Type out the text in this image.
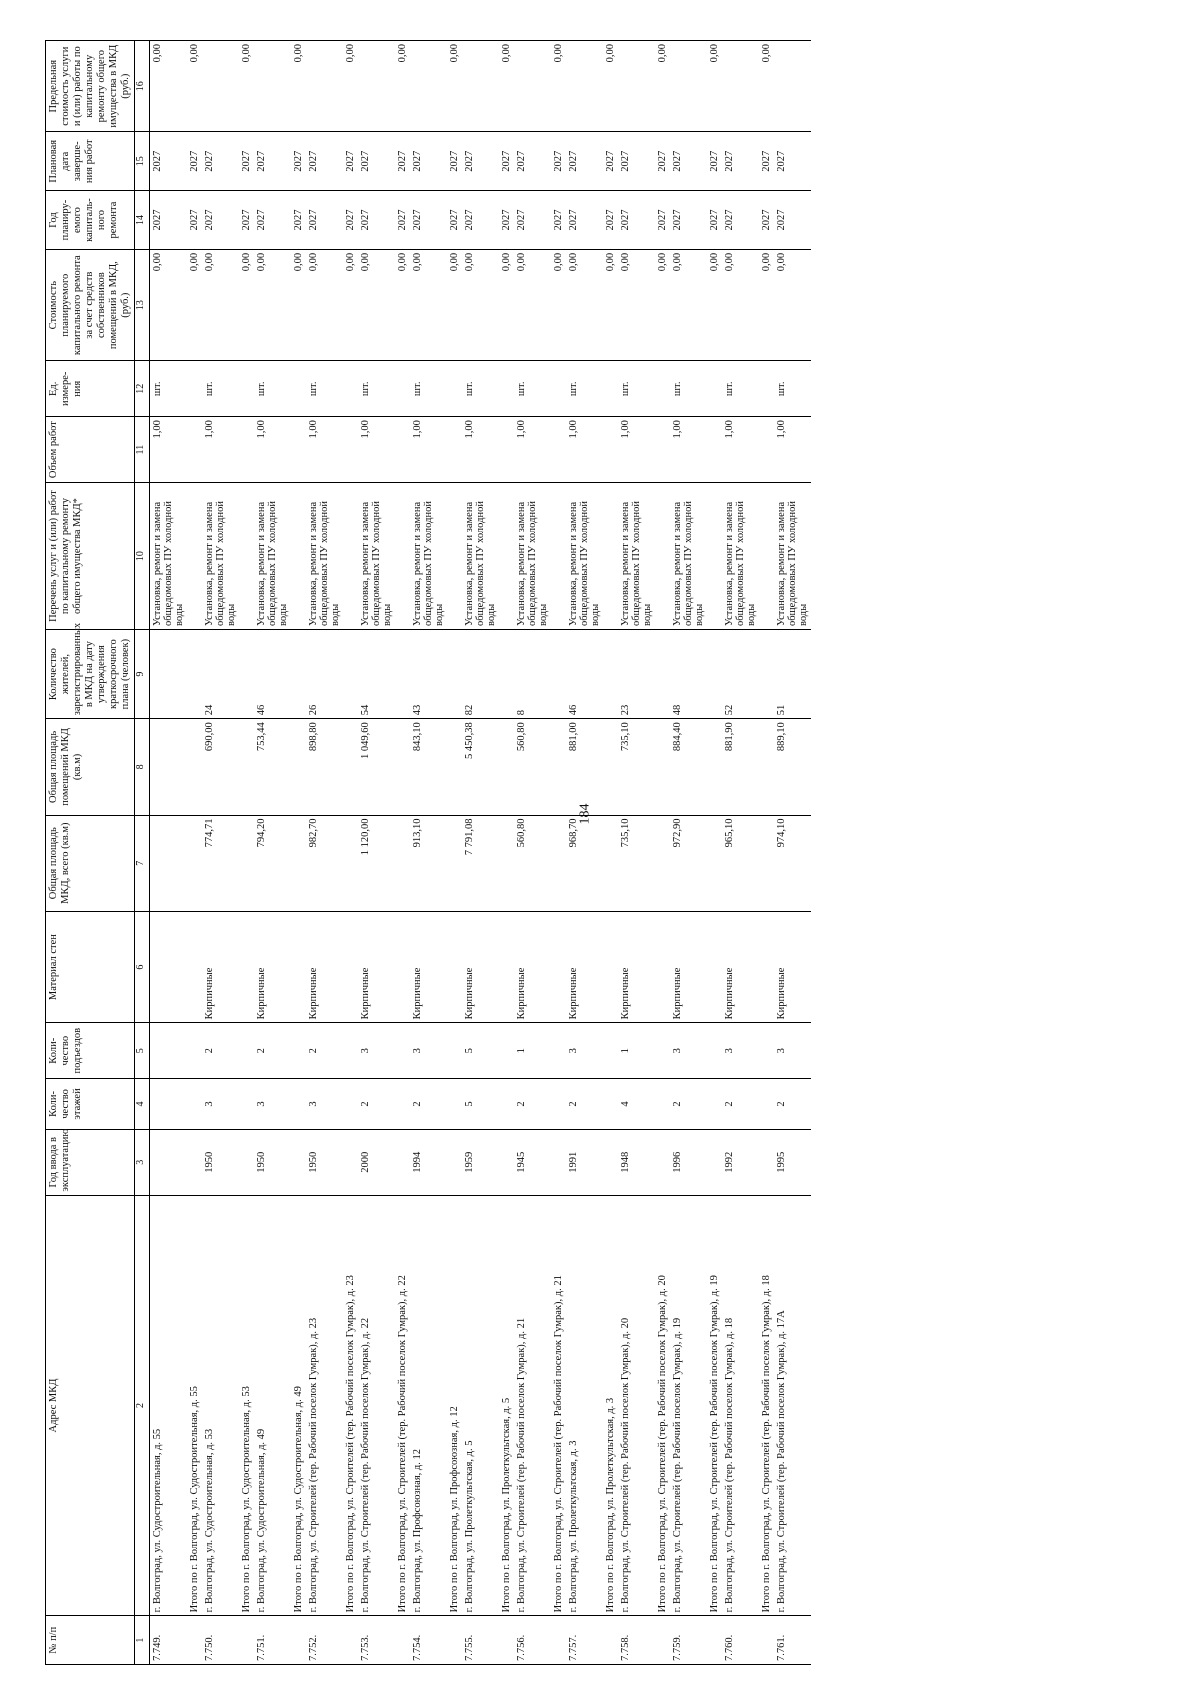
184
№ п/п	Адрес МКД	Год ввода в эксплуатацию	Коли-чество этажей	Коли-чество подъездов	Материал стен	Общая площадь МКД, всего (кв.м)	Общая площадь помещений МКД (кв.м)	Количество жителей, зарегистрированных в МКД на дату утверждения краткосрочного плана (человек)	Перечень услуг и (или) работ по капитальному ремонту общего имущества МКД*	Объем работ	Ед. измере-ния	Стоимость планируемого капитального ремонта за счет средств собственников помещений в МКД, (руб.)	Год планиру-емого капиталь-ного ремонта	Плановая дата заверше-ния работ	Предельная стоимость услуги и (или) работы по капитальному ремонту общего имущества в МКД (руб.)
1	2	3	4	5	6	7	8	9	10	11	12	13	14	15	16
7.749.	г. Волгоград, ул. Судостроительная, д. 55								Установка, ремонт и замена общедомовых ПУ холодной воды	1,00	шт.	0,00	2027	2027	0,00
	Итого по г. Волгоград, ул. Судостроительная, д. 55											0,00	2027	2027	0,00
7.750.	г. Волгоград, ул. Судостроительная, д. 53	1950	3	2	Кирпичные	774,71	690,00	24	Установка, ремонт и замена общедомовых ПУ холодной воды	1,00	шт.	0,00	2027	2027	
	Итого по г. Волгоград, ул. Судостроительная, д. 53											0,00	2027	2027	0,00
7.751.	г. Волгоград, ул. Судостроительная, д. 49	1950	3	2	Кирпичные	794,20	753,44	46	Установка, ремонт и замена общедомовых ПУ холодной воды	1,00	шт.	0,00	2027	2027	
	Итого по г. Волгоград, ул. Судостроительная, д. 49											0,00	2027	2027	0,00
7.752.	г. Волгоград, ул. Строителей (тер. Рабочий поселок Гумрак), д. 23	1950	3	2	Кирпичные	982,70	898,80	26	Установка, ремонт и замена общедомовых ПУ холодной воды	1,00	шт.	0,00	2027	2027	
	Итого по г. Волгоград, ул. Строителей (тер. Рабочий поселок Гумрак), д. 23											0,00	2027	2027	0,00
7.753.	г. Волгоград, ул. Строителей (тер. Рабочий поселок Гумрак), д. 22	2000	2	3	Кирпичные	1 120,00	1 049,60	54	Установка, ремонт и замена общедомовых ПУ холодной воды	1,00	шт.	0,00	2027	2027	
	Итого по г. Волгоград, ул. Строителей (тер. Рабочий поселок Гумрак), д. 22											0,00	2027	2027	0,00
7.754.	г. Волгоград, ул. Профсоюзная, д. 12	1994	2	3	Кирпичные	913,10	843,10	43	Установка, ремонт и замена общедомовых ПУ холодной воды	1,00	шт.	0,00	2027	2027	
	Итого по г. Волгоград, ул. Профсоюзная, д. 12											0,00	2027	2027	0,00
7.755.	г. Волгоград, ул. Пролеткультская, д. 5	1959	5	5	Кирпичные	7 791,08	5 450,38	82	Установка, ремонт и замена общедомовых ПУ холодной воды	1,00	шт.	0,00	2027	2027	
	Итого по г. Волгоград, ул. Пролеткультская, д. 5											0,00	2027	2027	0,00
7.756.	г. Волгоград, ул. Строителей (тер. Рабочий поселок Гумрак), д. 21	1945	2	1	Кирпичные	560,80	560,80	8	Установка, ремонт и замена общедомовых ПУ холодной воды	1,00	шт.	0,00	2027	2027	
	Итого по г. Волгоград, ул. Строителей (тер. Рабочий поселок Гумрак), д. 21											0,00	2027	2027	0,00
7.757.	г. Волгоград, ул. Пролеткультская, д. 3	1991	2	3	Кирпичные	968,70	881,00	46	Установка, ремонт и замена общедомовых ПУ холодной воды	1,00	шт.	0,00	2027	2027	
	Итого по г. Волгоград, ул. Пролеткультская, д. 3											0,00	2027	2027	0,00
7.758.	г. Волгоград, ул. Строителей (тер. Рабочий поселок Гумрак), д. 20	1948	4	1	Кирпичные	735,10	735,10	23	Установка, ремонт и замена общедомовых ПУ холодной воды	1,00	шт.	0,00	2027	2027	
	Итого по г. Волгоград, ул. Строителей (тер. Рабочий поселок Гумрак), д. 20											0,00	2027	2027	0,00
7.759.	г. Волгоград, ул. Строителей (тер. Рабочий поселок Гумрак), д. 19	1996	2	3	Кирпичные	972,90	884,40	48	Установка, ремонт и замена общедомовых ПУ холодной воды	1,00	шт.	0,00	2027	2027	
	Итого по г. Волгоград, ул. Строителей (тер. Рабочий поселок Гумрак), д. 19											0,00	2027	2027	0,00
7.760.	г. Волгоград, ул. Строителей (тер. Рабочий поселок Гумрак), д. 18	1992	2	3	Кирпичные	965,10	881,90	52	Установка, ремонт и замена общедомовых ПУ холодной воды	1,00	шт.	0,00	2027	2027	
	Итого по г. Волгоград, ул. Строителей (тер. Рабочий поселок Гумрак), д. 18											0,00	2027	2027	0,00
7.761.	г. Волгоград, ул. Строителей (тер. Рабочий поселок Гумрак), д. 17А	1995	2	3	Кирпичные	974,10	889,10	51	Установка, ремонт и замена общедомовых ПУ холодной воды	1,00	шт.	0,00	2027	2027	
